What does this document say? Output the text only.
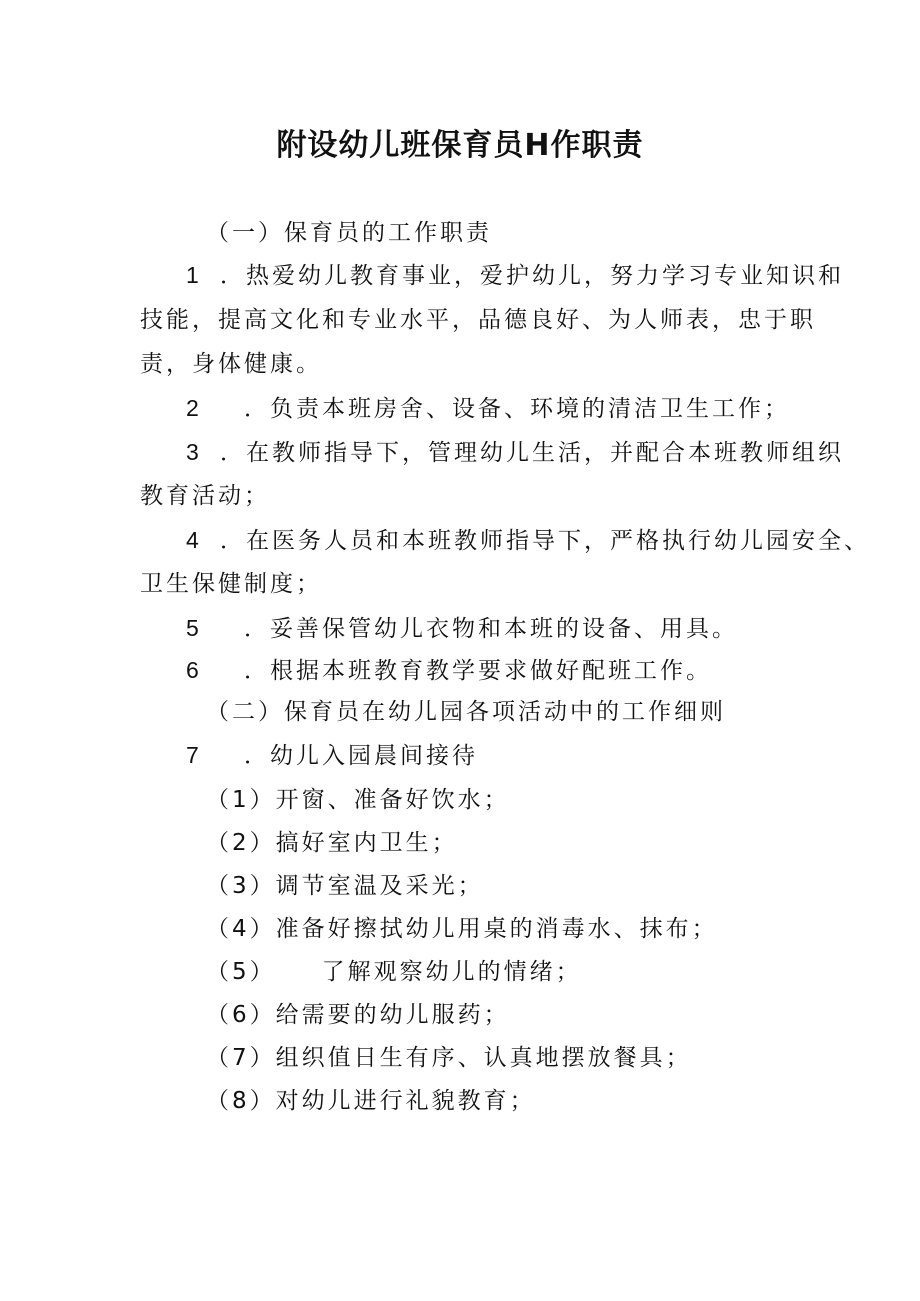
附设幼儿班保育员H作职责
（一）保育员的工作职责
1 ．热爱幼儿教育事业，爱护幼儿，努力学习专业知识和
技能，提高文化和专业水平，品德良好、为人师表，忠于职
责，身体健康。
2 ．负责本班房舍、设备、环境的清洁卫生工作；
3 ．在教师指导下，管理幼儿生活，并配合本班教师组织
教育活动；
4 ．在医务人员和本班教师指导下，严格执行幼儿园安全、
卫生保健制度；
5 ．妥善保管幼儿衣物和本班的设备、用具。
6 ．根据本班教育教学要求做好配班工作。
（二）保育员在幼儿园各项活动中的工作细则
7 ．幼儿入园晨间接待
（1）开窗、准备好饮水；
（2）搞好室内卫生；
（3）调节室温及采光；
（4）准备好擦拭幼儿用桌的消毒水、抹布；
（5） 了解观察幼儿的情绪；
（6）给需要的幼儿服药；
（7）组织值日生有序、认真地摆放餐具；
（8）对幼儿进行礼貌教育；
